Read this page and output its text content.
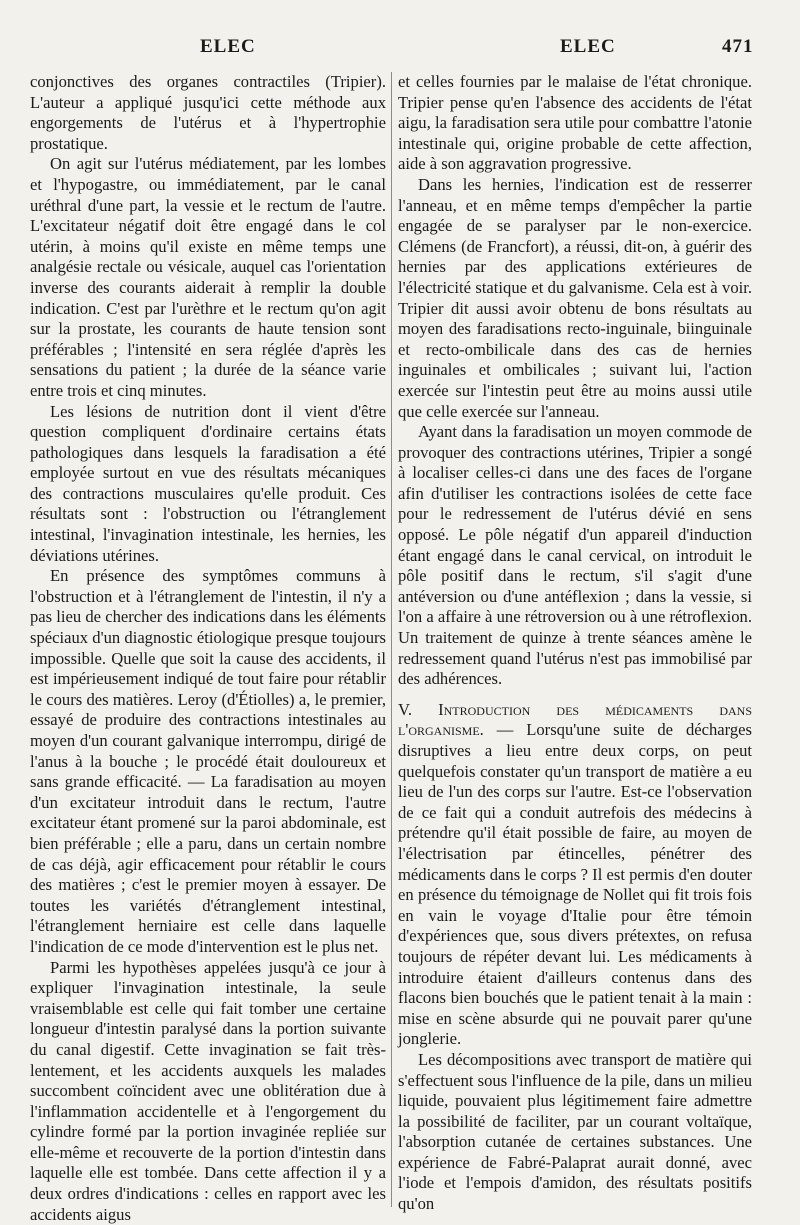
ELEC	ELEC	471

conjonctives des organes contractiles (Tripier). L'auteur a appliqué jusqu'ici cette méthode aux engorgements de l'utérus et à l'hypertrophie prostatique.

On agit sur l'utérus médiatement, par les lombes et l'hypogastre, ou immédiatement, par le canal uréthral d'une part, la vessie et le rectum de l'autre. L'excitateur négatif doit être engagé dans le col utérin, à moins qu'il existe en même temps une analgésie rectale ou vésicale, auquel cas l'orientation inverse des courants aiderait à remplir la double indication. C'est par l'urèthre et le rectum qu'on agit sur la prostate, les courants de haute tension sont préférables ; l'intensité en sera réglée d'après les sensations du patient ; la durée de la séance varie entre trois et cinq minutes.

Les lésions de nutrition dont il vient d'être question compliquent d'ordinaire certains états pathologiques dans lesquels la faradisation a été employée surtout en vue des résultats mécaniques des contractions musculaires qu'elle produit. Ces résultats sont : l'obstruction ou l'étranglement intestinal, l'invagination intestinale, les hernies, les déviations utérines.

En présence des symptômes communs à l'obstruction et à l'étranglement de l'intestin, il n'y a pas lieu de chercher des indications dans les éléments spéciaux d'un diagnostic étiologique presque toujours impossible. Quelle que soit la cause des accidents, il est impérieusement indiqué de tout faire pour rétablir le cours des matières. Leroy (d'Étiolles) a, le premier, essayé de produire des contractions intestinales au moyen d'un courant galvanique interrompu, dirigé de l'anus à la bouche ; le procédé était douloureux et sans grande efficacité. — La faradisation au moyen d'un excitateur introduit dans le rectum, l'autre excitateur étant promené sur la paroi abdominale, est bien préférable ; elle a paru, dans un certain nombre de cas déjà, agir efficacement pour rétablir le cours des matières ; c'est le premier moyen à essayer. De toutes les variétés d'étranglement intestinal, l'étranglement herniaire est celle dans laquelle l'indication de ce mode d'intervention est le plus net.

Parmi les hypothèses appelées jusqu'à ce jour à expliquer l'invagination intestinale, la seule vraisemblable est celle qui fait tomber une certaine longueur d'intestin paralysé dans la portion suivante du canal digestif. Cette invagination se fait très-lentement, et les accidents auxquels les malades succombent coïncident avec une oblitération due à l'inflammation accidentelle et à l'engorgement du cylindre formé par la portion invaginée repliée sur elle-même et recouverte de la portion d'intestin dans laquelle elle est tombée. Dans cette affection il y a deux ordres d'indications : celles en rapport avec les accidents aigus

et celles fournies par le malaise de l'état chronique. Tripier pense qu'en l'absence des accidents de l'état aigu, la faradisation sera utile pour combattre l'atonie intestinale qui, origine probable de cette affection, aide à son aggravation progressive.

Dans les hernies, l'indication est de resserrer l'anneau, et en même temps d'empêcher la partie engagée de se paralyser par le non-exercice. Clémens (de Francfort), a réussi, dit-on, à guérir des hernies par des applications extérieures de l'électricité statique et du galvanisme. Cela est à voir. Tripier dit aussi avoir obtenu de bons résultats au moyen des faradisations recto-inguinale, biinguinale et recto-ombilicale dans des cas de hernies inguinales et ombilicales ; suivant lui, l'action exercée sur l'intestin peut être au moins aussi utile que celle exercée sur l'anneau.

Ayant dans la faradisation un moyen commode de provoquer des contractions utérines, Tripier a songé à localiser celles-ci dans une des faces de l'organe afin d'utiliser les contractions isolées de cette face pour le redressement de l'utérus dévié en sens opposé. Le pôle négatif d'un appareil d'induction étant engagé dans le canal cervical, on introduit le pôle positif dans le rectum, s'il s'agit d'une antéversion ou d'une antéflexion ; dans la vessie, si l'on a affaire à une rétroversion ou à une rétroflexion. Un traitement de quinze à trente séances amène le redressement quand l'utérus n'est pas immobilisé par des adhérences.

V. Introduction des médicaments dans l'organisme. — Lorsqu'une suite de décharges disruptives a lieu entre deux corps, on peut quelquefois constater qu'un transport de matière a eu lieu de l'un des corps sur l'autre. Est-ce l'observation de ce fait qui a conduit autrefois des médecins à prétendre qu'il était possible de faire, au moyen de l'électrisation par étincelles, pénétrer des médicaments dans le corps ? Il est permis d'en douter en présence du témoignage de Nollet qui fit trois fois en vain le voyage d'Italie pour être témoin d'expériences que, sous divers prétextes, on refusa toujours de répéter devant lui. Les médicaments à introduire étaient d'ailleurs contenus dans des flacons bien bouchés que le patient tenait à la main : mise en scène absurde qui ne pouvait parer qu'une jonglerie.

Les décompositions avec transport de matière qui s'effectuent sous l'influence de la pile, dans un milieu liquide, pouvaient plus légitimement faire admettre la possibilité de faciliter, par un courant voltaïque, l'absorption cutanée de certaines substances. Une expérience de Fabré-Palaprat aurait donné, avec l'iode et l'empois d'amidon, des résultats positifs qu'on
